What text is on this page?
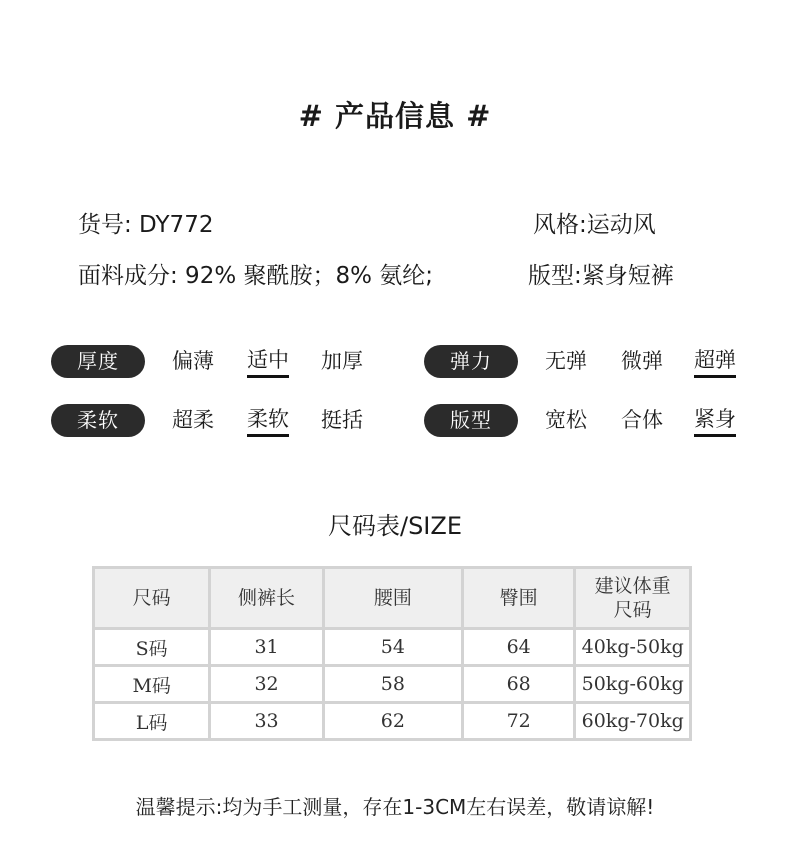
# 产品信息 #
货号: DY772	风格:运动风
面料成分: 92% 聚酰胺；8% 氨纶;	版型:紧身短裤
厚度	偏薄 适中 加厚	弹力	无弹 微弹 超弹
柔软	超柔 柔软 挺括	版型	宽松 合体 紧身
尺码表/SIZE
尺码	侧裤长	腰围	臀围	建议体重
尺码

S码	31	54	64	40kg-50kg
M码	32	58	68	50kg-60kg
L码	33	62	72	60kg-70kg
温馨提示:均为手工测量，存在1-3CM左右误差，敬请谅解!
